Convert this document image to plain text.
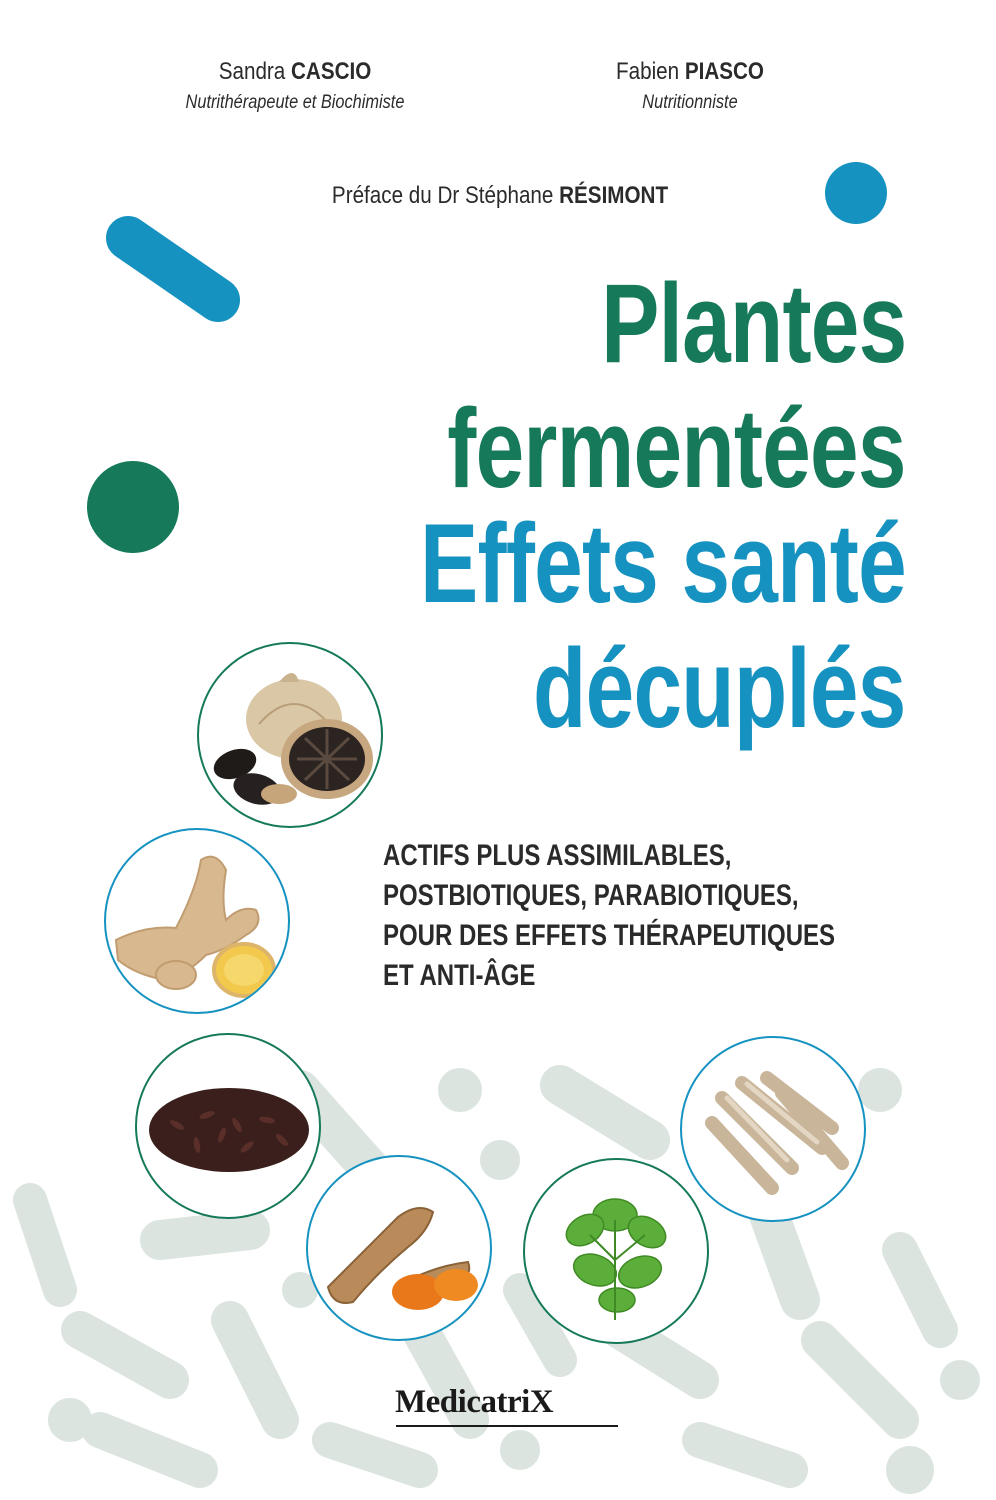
Sandra CASCIO
Nutrithérapeute et Biochimiste
Fabien PIASCO
Nutritionniste
Préface du Dr Stéphane RÉSIMONT
Plantes
fermentées
Effets santé
décuplés
ACTIFS PLUS ASSIMILABLES,
POSTBIOTIQUES, PARABIOTIQUES,
POUR DES EFFETS THÉRAPEUTIQUES
ET ANTI-ÂGE
MedicatriX
